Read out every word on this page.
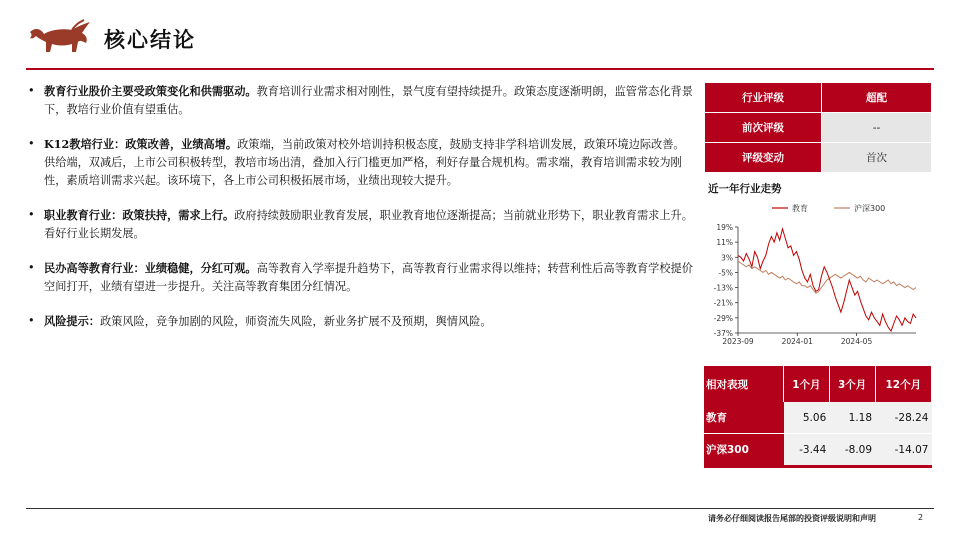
核心结论
• 教育行业股价主要受政策变化和供需驱动。教育培训行业需求相对刚性，景气度有望持续提升。政策态度逐渐明朗，监管常态化背景下，教培行业价值有望重估。
• K12教培行业：政策改善，业绩高增。政策端，当前政策对校外培训持积极态度，鼓励支持非学科培训发展，政策环境边际改善。供给端，双减后，上市公司积极转型，教培市场出清，叠加入行门槛更加严格，利好存量合规机构。需求端，教育培训需求较为刚性，素质培训需求兴起。该环境下，各上市公司积极拓展市场，业绩出现较大提升。
• 职业教育行业：政策扶持，需求上行。政府持续鼓励职业教育发展，职业教育地位逐渐提高；当前就业形势下，职业教育需求上升。看好行业长期发展。
• 民办高等教育行业：业绩稳健，分红可观。高等教育入学率提升趋势下，高等教育行业需求得以维持；转营利性后高等教育学校提价空间打开，业绩有望进一步提升。关注高等教育集团分红情况。
• 风险提示：政策风险，竞争加剧的风险，师资流失风险，新业务扩展不及预期，舆情风险。
行业评级	超配
前次评级	--
评级变动	首次
近一年行业走势
教育	沪深300
19%
11%
3%
-5%
-13%
-21%
-29%
-37%
2023-09	2024-01	2024-05
相对表现	1个月	3个月	12个月
教育	5.06	1.18	-28.24
沪深300	-3.44	-8.09	-14.07
请务必仔细阅读报告尾部的投资评级说明和声明	2
